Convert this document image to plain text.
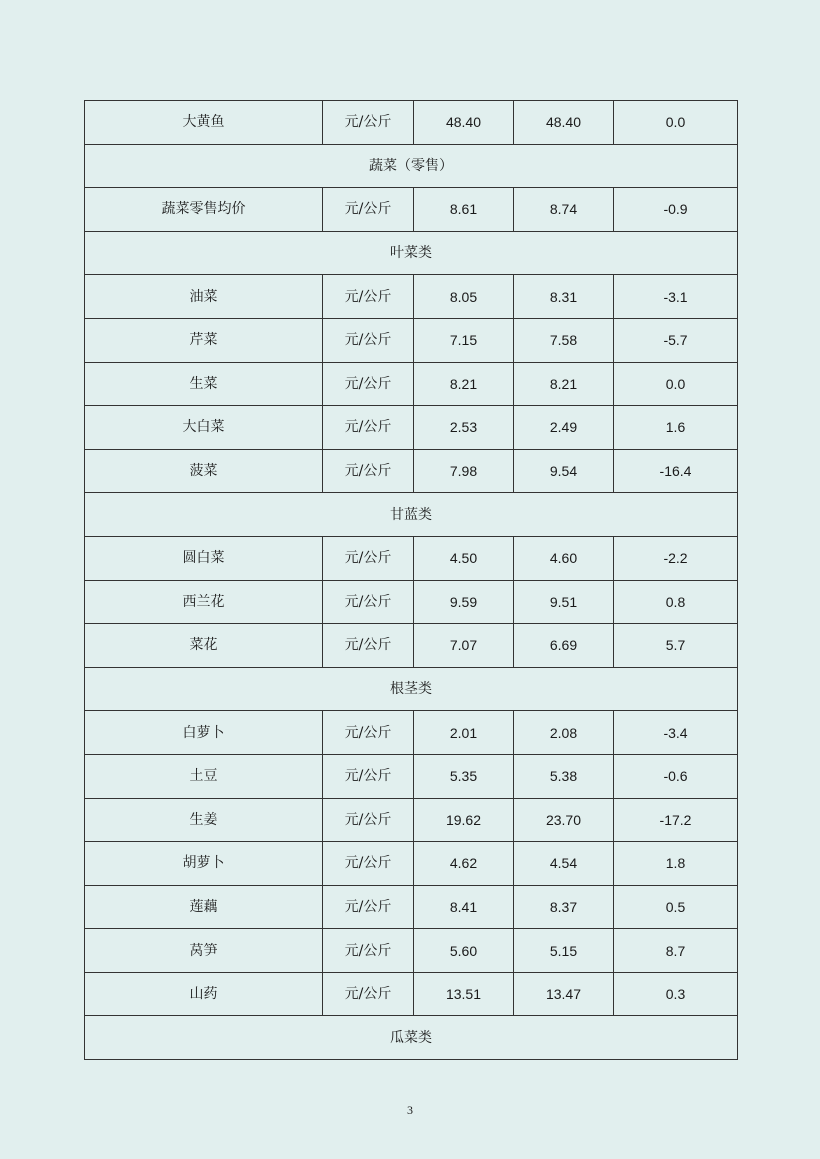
大黄鱼	元/公斤	48.40	48.40	0.0
蔬菜（零售）				
蔬菜零售均价	元/公斤	8.61	8.74	-0.9
叶菜类				
油菜	元/公斤	8.05	8.31	-3.1
芹菜	元/公斤	7.15	7.58	-5.7
生菜	元/公斤	8.21	8.21	0.0
大白菜	元/公斤	2.53	2.49	1.6
菠菜	元/公斤	7.98	9.54	-16.4
甘蓝类				
圆白菜	元/公斤	4.50	4.60	-2.2
西兰花	元/公斤	9.59	9.51	0.8
菜花	元/公斤	7.07	6.69	5.7
根茎类				
白萝卜	元/公斤	2.01	2.08	-3.4
土豆	元/公斤	5.35	5.38	-0.6
生姜	元/公斤	19.62	23.70	-17.2
胡萝卜	元/公斤	4.62	4.54	1.8
莲藕	元/公斤	8.41	8.37	0.5
莴笋	元/公斤	5.60	5.15	8.7
山药	元/公斤	13.51	13.47	0.3
瓜菜类				
3
